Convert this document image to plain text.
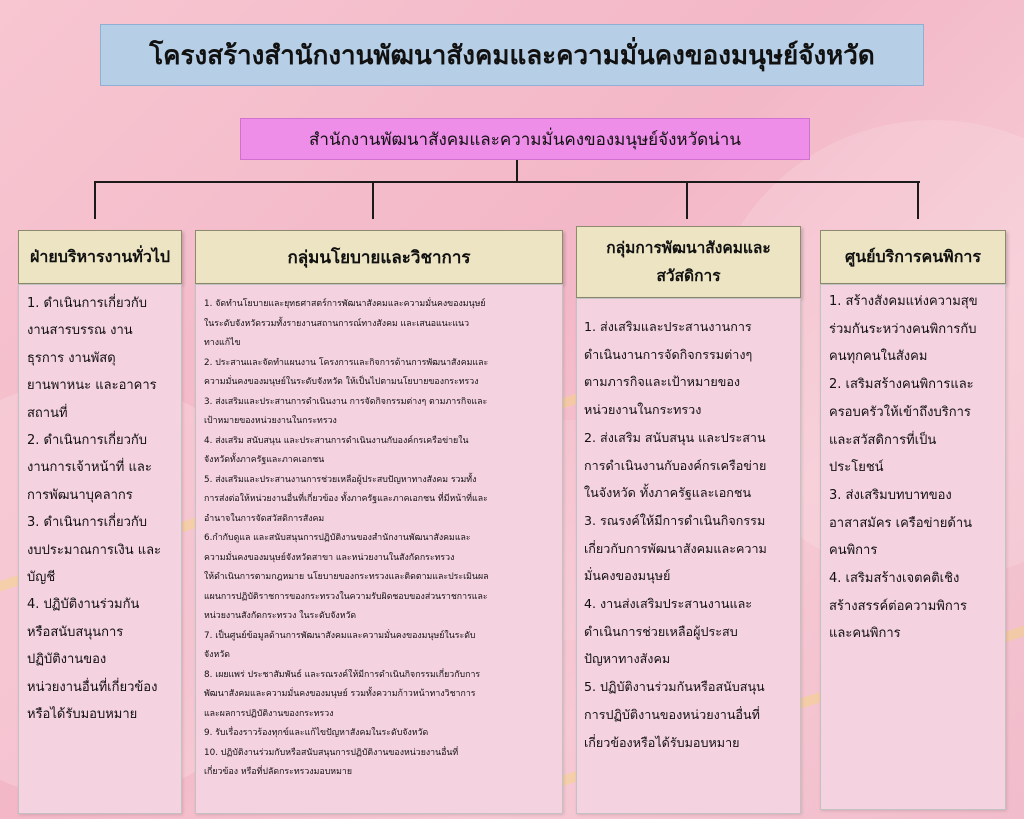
โครงสร้างสำนักงานพัฒนาสังคมและความมั่นคงของมนุษย์จังหวัด
สำนักงานพัฒนาสังคมและความมั่นคงของมนุษย์จังหวัดน่าน
ฝ่ายบริหารงานทั่วไป
1. ดำเนินการเกี่ยวกับ
งานสารบรรณ งาน
ธุรการ งานพัสดุ
ยานพาหนะ และอาคาร
สถานที่
2. ดำเนินการเกี่ยวกับ
งานการเจ้าหน้าที่ และ
การพัฒนาบุคลากร
3. ดำเนินการเกี่ยวกับ
งบประมาณการเงิน และ
บัญชี
4. ปฏิบัติงานร่วมกัน
หรือสนับสนุนการ
ปฏิบัติงานของ
หน่วยงานอื่นที่เกี่ยวข้อง
หรือได้รับมอบหมาย
กลุ่มนโยบายและวิชาการ
1. จัดทำนโยบายและยุทธศาสตร์การพัฒนาสังคมและความมั่นคงของมนุษย์
ในระดับจังหวัดรวมทั้งรายงานสถานการณ์ทางสังคม และเสนอแนะแนว
ทางแก้ไข
2. ประสานและจัดทำแผนงาน โครงการและกิจการด้านการพัฒนาสังคมและ
ความมั่นคงของมนุษย์ในระดับจังหวัด ให้เป็นไปตามนโยบายของกระทรวง
3. ส่งเสริมและประสานการดำเนินงาน การจัดกิจกรรมต่างๆ ตามภารกิจและ
เป้าหมายของหน่วยงานในกระทรวง
4. ส่งเสริม สนับสนุน และประสานการดำเนินงานกับองค์กรเครือข่ายใน
จังหวัดทั้งภาครัฐและภาคเอกชน
5. ส่งเสริมและประสานงานการช่วยเหลือผู้ประสบปัญหาทางสังคม รวมทั้ง
การส่งต่อให้หน่วยงานอื่นที่เกี่ยวข้อง ทั้งภาครัฐและภาคเอกชน ที่มีหน้าที่และ
อำนาจในการจัดสวัสดิการสังคม
6.กำกับดูแล และสนับสนุนการปฏิบัติงานของสำนักงานพัฒนาสังคมและ
ความมั่นคงของมนุษย์จังหวัดสาขา และหน่วยงานในสังกัดกระทรวง
ให้ดำเนินการตามกฎหมาย นโยบายของกระทรวงและติดตามและประเมินผล
แผนการปฏิบัติราชการของกระทรวงในความรับผิดชอบของส่วนราชการและ
หน่วยงานสังกัดกระทรวง ในระดับจังหวัด
7. เป็นศูนย์ข้อมูลด้านการพัฒนาสังคมและความมั่นคงของมนุษย์ในระดับ
จังหวัด
8. เผยแพร่ ประชาสัมพันธ์ และรณรงค์ให้มีการดำเนินกิจกรรมเกี่ยวกับการ
พัฒนาสังคมและความมั่นคงของมนุษย์ รวมทั้งความก้าวหน้าทางวิชาการ
และผลการปฏิบัติงานของกระทรวง
9. รับเรื่องราวร้องทุกข์และแก้ไขปัญหาสังคมในระดับจังหวัด
10. ปฏิบัติงานร่วมกับหรือสนับสนุนการปฏิบัติงานของหน่วยงานอื่นที่
เกี่ยวข้อง หรือที่ปลัดกระทรวงมอบหมาย
กลุ่มการพัฒนาสังคมและสวัสดิการ
1. ส่งเสริมและประสานงานการ
ดำเนินงานการจัดกิจกรรมต่างๆ
ตามภารกิจและเป้าหมายของ
หน่วยงานในกระทรวง
2. ส่งเสริม สนับสนุน และประสาน
การดำเนินงานกับองค์กรเครือข่าย
ในจังหวัด ทั้งภาครัฐและเอกชน
3. รณรงค์ให้มีการดำเนินกิจกรรม
เกี่ยวกับการพัฒนาสังคมและความ
มั่นคงของมนุษย์
4. งานส่งเสริมประสานงานและ
ดำเนินการช่วยเหลือผู้ประสบ
ปัญหาทางสังคม
5. ปฏิบัติงานร่วมกันหรือสนับสนุน
การปฏิบัติงานของหน่วยงานอื่นที่
เกี่ยวข้องหรือได้รับมอบหมาย
ศูนย์บริการคนพิการ
1. สร้างสังคมแห่งความสุข
ร่วมกันระหว่างคนพิการกับ
คนทุกคนในสังคม
2. เสริมสร้างคนพิการและ
ครอบครัวให้เข้าถึงบริการ
และสวัสดิการที่เป็น
ประโยชน์
3. ส่งเสริมบทบาทของ
อาสาสมัคร เครือข่ายด้าน
คนพิการ
4. เสริมสร้างเจตคติเชิง
สร้างสรรค์ต่อความพิการ
และคนพิการ
